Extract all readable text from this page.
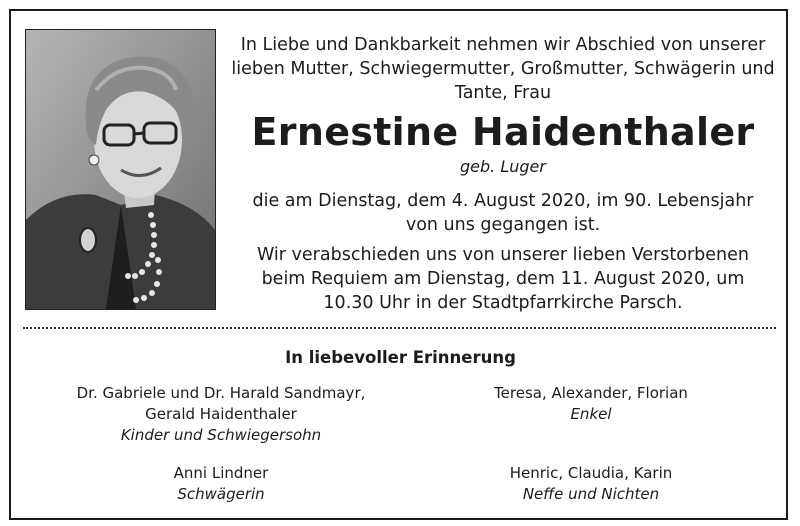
In Liebe und Dankbarkeit nehmen wir Abschied von unserer
lieben Mutter, Schwiegermutter, Großmutter, Schwägerin und
Tante, Frau
Ernestine Haidenthaler
geb. Luger
die am Dienstag, dem 4. August 2020, im 90. Lebensjahr
von uns gegangen ist.
Wir verabschieden uns von unserer lieben Verstorbenen
beim Requiem am Dienstag, dem 11. August 2020, um
10.30 Uhr in der Stadtpfarrkirche Parsch.
In liebevoller Erinnerung
Dr. Gabriele und Dr. Harald Sandmayr,
Gerald Haidenthaler
Kinder und Schwiegersohn
Teresa, Alexander, Florian
Enkel
Anni Lindner
Schwägerin
Henric, Claudia, Karin
Neffe und Nichten
